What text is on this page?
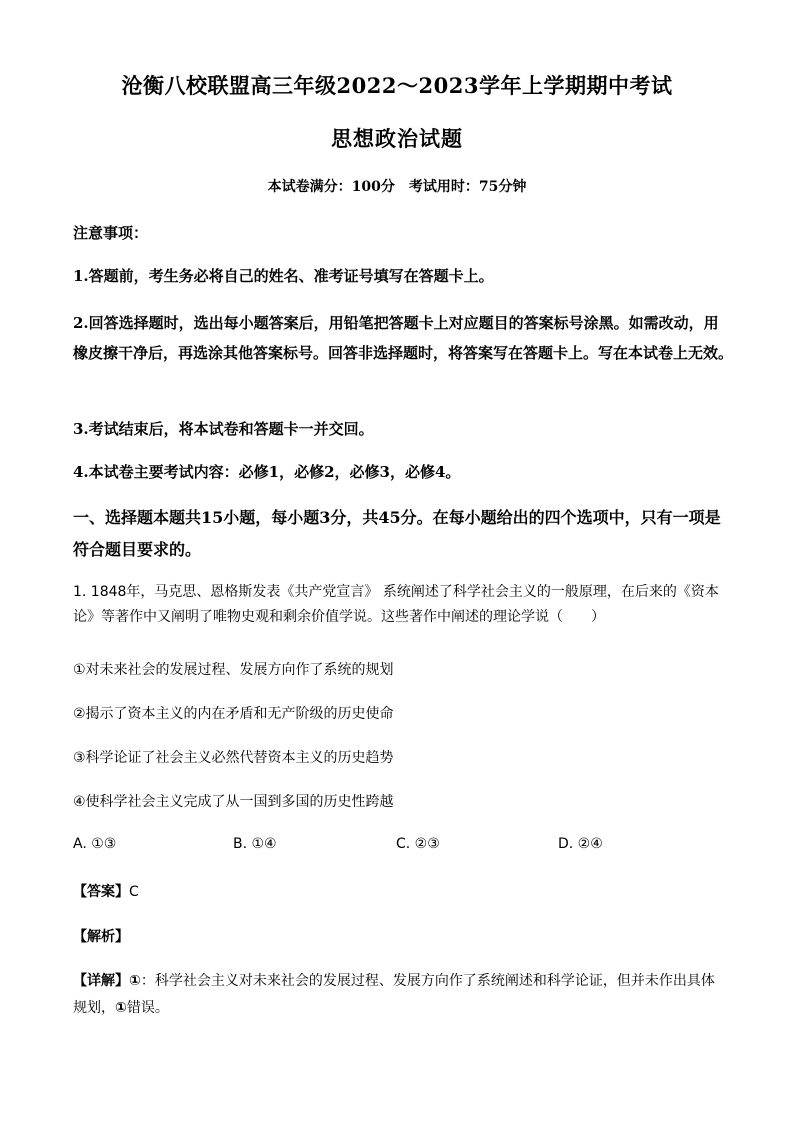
沧衡八校联盟高三年级2022～2023学年上学期期中考试
思想政治试题
本试卷满分：100分　考试用时：75分钟
注意事项：
1.答题前，考生务必将自己的姓名、准考证号填写在答题卡上。
2.回答选择题时，选出每小题答案后，用铅笔把答题卡上对应题目的答案标号涂黑。如需改动，用橡皮擦干净后，再选涂其他答案标号。回答非选择题时，将答案写在答题卡上。写在本试卷上无效。
3.考试结束后，将本试卷和答题卡一并交回。
4.本试卷主要考试内容：必修1，必修2，必修3，必修4。
一、选择题本题共15小题，每小题3分，共45分。在每小题给出的四个选项中，只有一项是符合题目要求的。
1. 1848年，马克思、恩格斯发表《共产党宣言》 系统阐述了科学社会主义的一般原理，在后来的《资本论》等著作中又阐明了唯物史观和剩余价值学说。这些著作中阐述的理论学说（　　）
①对未来社会的发展过程、发展方向作了系统的规划
②揭示了资本主义的内在矛盾和无产阶级的历史使命
③科学论证了社会主义必然代替资本主义的历史趋势
④使科学社会主义完成了从一国到多国的历史性跨越
A. ①③	B. ①④	C. ②③	D. ②④
【答案】C
【解析】
【详解】①：科学社会主义对未来社会的发展过程、发展方向作了系统阐述和科学论证，但并未作出具体规划，①错误。
